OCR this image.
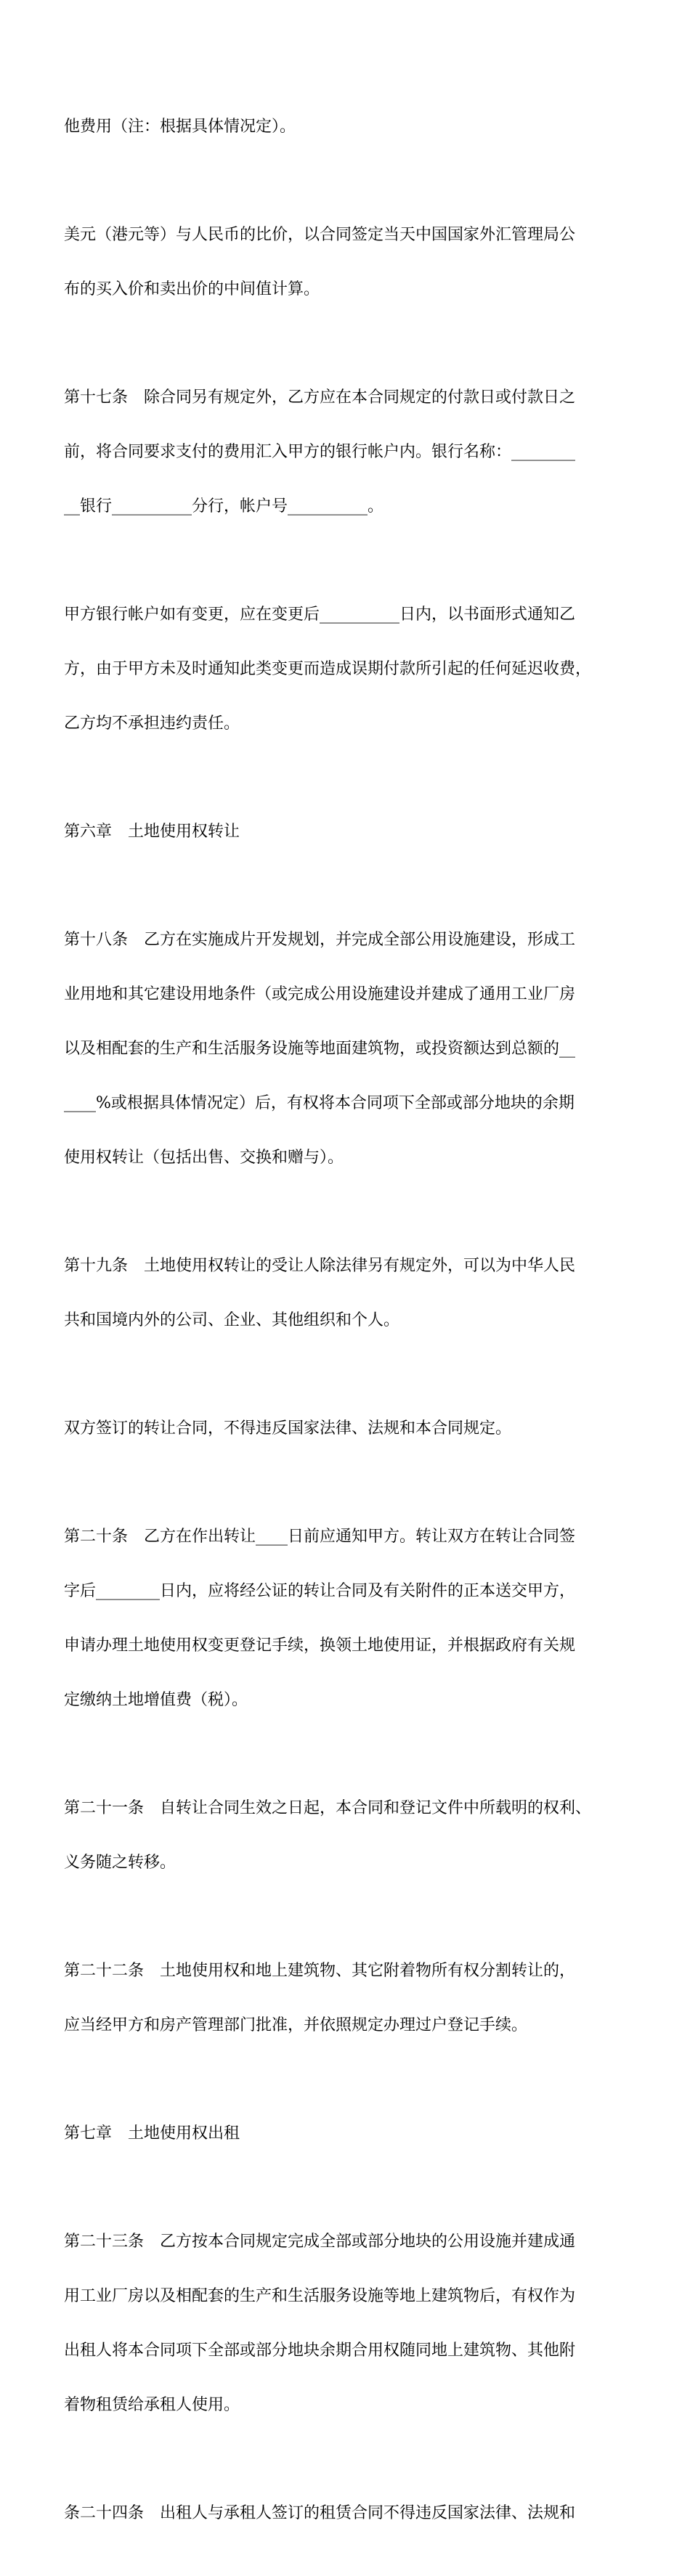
他费用（注：根据具体情况定）。

美元（港元等）与人民币的比价，以合同签定当天中国国家外汇管理局公

布的买入价和卖出价的中间值计算。

第十七条　除合同另有规定外，乙方应在本合同规定的付款日或付款日之

前，将合同要求支付的费用汇入甲方的银行帐户内。银行名称：________

__银行__________分行，帐户号__________。

甲方银行帐户如有变更，应在变更后__________日内，以书面形式通知乙

方，由于甲方未及时通知此类变更而造成误期付款所引起的任何延迟收费，

乙方均不承担违约责任。

第六章　土地使用权转让

第十八条　乙方在实施成片开发规划，并完成全部公用设施建设，形成工

业用地和其它建设用地条件（或完成公用设施建设并建成了通用工业厂房

以及相配套的生产和生活服务设施等地面建筑物，或投资额达到总额的__

____%或根据具体情况定）后，有权将本合同项下全部或部分地块的余期

使用权转让（包括出售、交换和赠与）。

第十九条　土地使用权转让的受让人除法律另有规定外，可以为中华人民

共和国境内外的公司、企业、其他组织和个人。

双方签订的转让合同，不得违反国家法律、法规和本合同规定。

第二十条　乙方在作出转让____日前应通知甲方。转让双方在转让合同签

字后________日内，应将经公证的转让合同及有关附件的正本送交甲方，

申请办理土地使用权变更登记手续，换领土地使用证，并根据政府有关规

定缴纳土地增值费（税）。

第二十一条　自转让合同生效之日起，本合同和登记文件中所载明的权利、

义务随之转移。

第二十二条　土地使用权和地上建筑物、其它附着物所有权分割转让的，

应当经甲方和房产管理部门批准，并依照规定办理过户登记手续。

第七章　土地使用权出租

第二十三条　乙方按本合同规定完成全部或部分地块的公用设施并建成通

用工业厂房以及相配套的生产和生活服务设施等地上建筑物后，有权作为

出租人将本合同项下全部或部分地块余期合用权随同地上建筑物、其他附

着物租赁给承租人使用。

条二十四条　出租人与承租人签订的租赁合同不得违反国家法律、法规和
